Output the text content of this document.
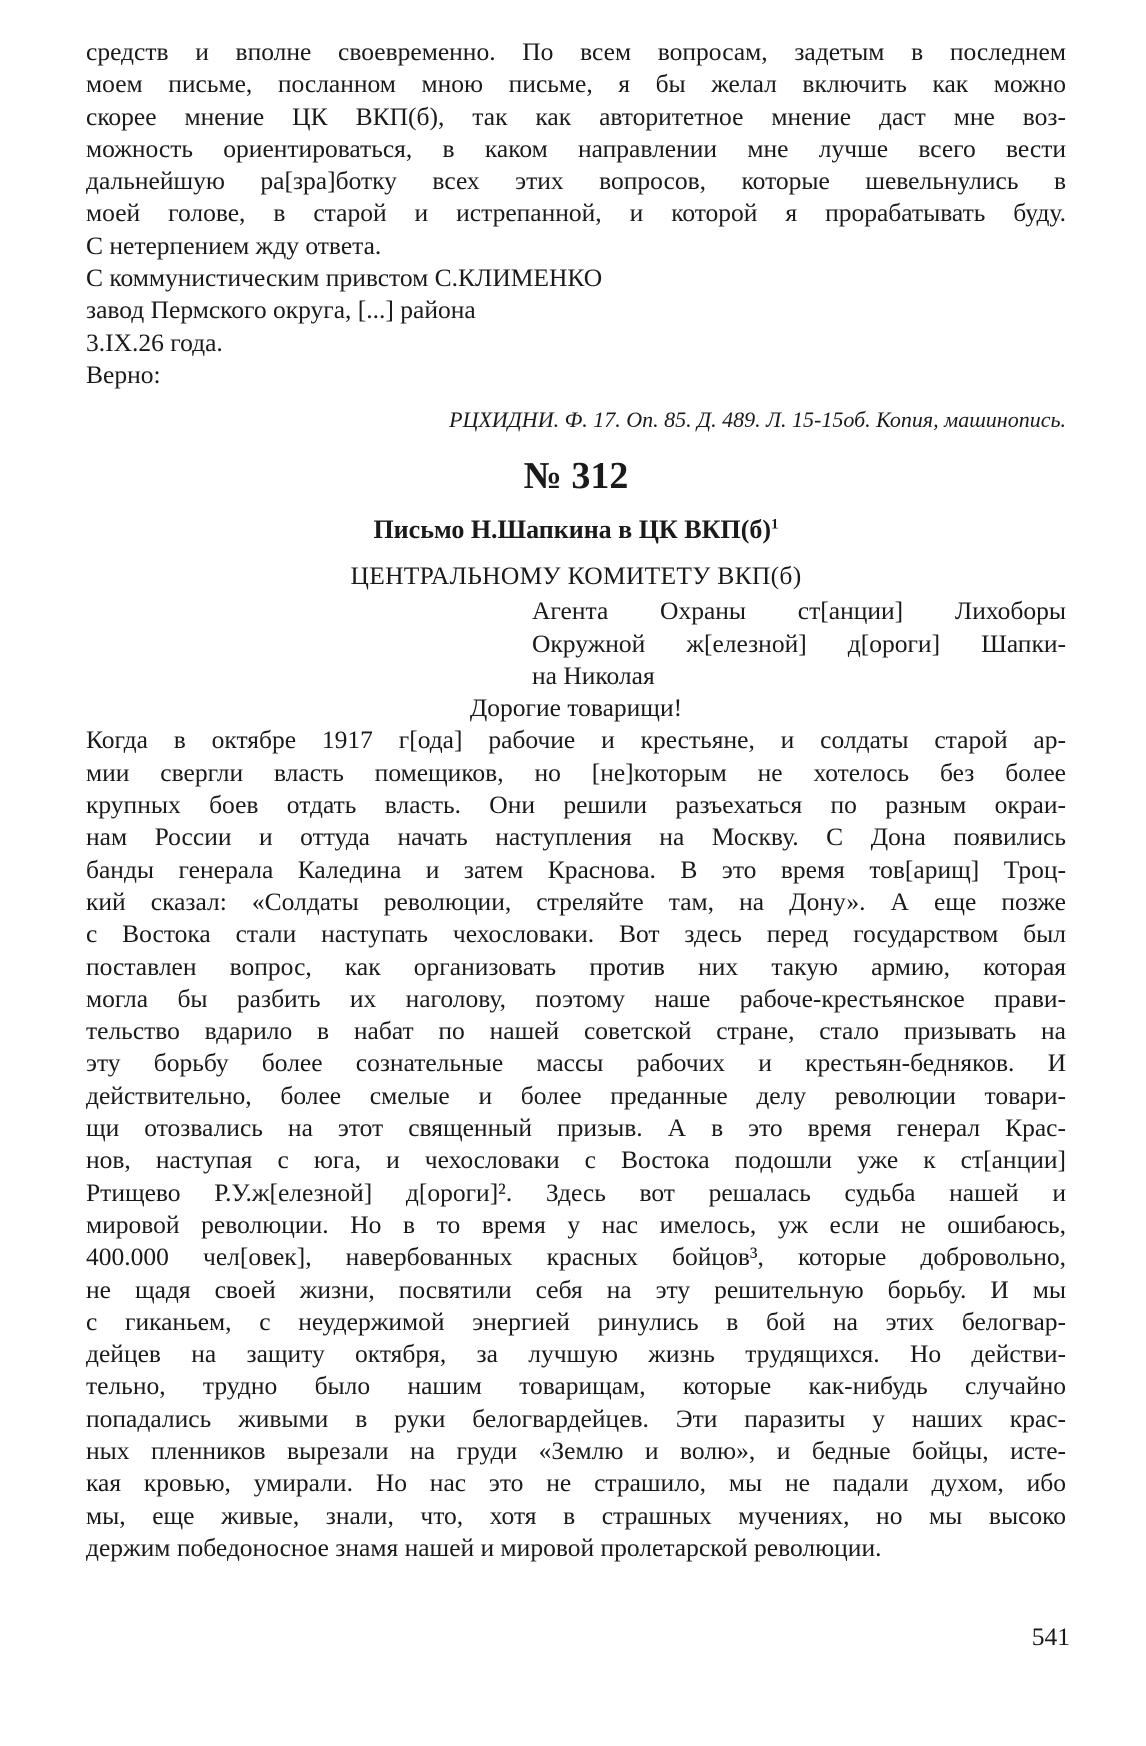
средств и вполне своевременно. По всем вопросам, задетым в последнем
моем письме, посланном мною письме, я бы желал включить как можно
скорее мнение ЦК ВКП(б), так как авторитетное мнение даст мне воз-
можность ориентироваться, в каком направлении мне лучше всего вести
дальнейшую ра[зра]ботку всех этих вопросов, которые шевельнулись в
моей голове, в старой и истрепанной, и которой я прорабатывать буду.
С нетерпением жду ответа.
С коммунистическим привстом С.КЛИМЕНКО
завод Пермского округа, [...] района
3.IX.26 года.
Верно:
РЦХИДНИ. Ф. 17. Оп. 85. Д. 489. Л. 15-15об. Копия, машинопись.
№ 312
Письмо Н.Шапкина в ЦК $ВКП(б)^1$
ЦЕНТРАЛЬНОМУ КОМИТЕТУ ВКП(б)
Агента Охраны ст[анции] Лихоборы
Окружной ж[елезной] д[ороги] Шапки-
на Николая
Дорогие товарищи!
Когда в октябре 1917 г[ода] рабочие и крестьяне, и солдаты старой ар-
мии свергли власть помещиков, но [не]которым не хотелось без более
крупных боев отдать власть. Они решили разъехаться по разным окраи-
нам России и оттуда начать наступления на Москву. С Дона появились
банды генерала Каледина и затем Краснова. В это время тов[арищ] Троц-
кий сказал: «Солдаты революции, стреляйте там, на Дону». А еще позже
с Востока стали наступать чехословаки. Вот здесь перед государством был
поставлен вопрос, как организовать против них такую армию, которая
могла бы разбить их наголову, поэтому наше рабоче-крестьянское прави-
тельство вдарило в набат по нашей советской стране, стало призывать на
эту борьбу более сознательные массы рабочих и крестьян-бедняков. И
действительно, более смелые и более преданные делу революции товари-
щи отозвались на этот священный призыв. А в это время генерал Крас-
нов, наступая с юга, и чехословаки с Востока подошли уже к ст[анции]
Ртищево Р.У.ж[елезной] д[ороги]². Здесь вот решалась судьба нашей и
мировой революции. Но в то время у нас имелось, уж если не ошибаюсь,
400.000 чел[овек], навербованных красных бойцов³, которые добровольно,
не щадя своей жизни, посвятили себя на эту решительную борьбу. И мы
с гиканьем, с неудержимой энергией ринулись в бой на этих белогвар-
дейцев на защиту октября, за лучшую жизнь трудящихся. Но действи-
тельно, трудно было нашим товарищам, которые как-нибудь случайно
попадались живыми в руки белогвардейцев. Эти паразиты у наших крас-
ных пленников вырезали на груди «Землю и волю», и бедные бойцы, исте-
кая кровью, умирали. Но нас это не страшило, мы не падали духом, ибо
мы, еще живые, знали, что, хотя в страшных мучениях, но мы высоко
держим победоносное знамя нашей и мировой пролетарской революции.
541
